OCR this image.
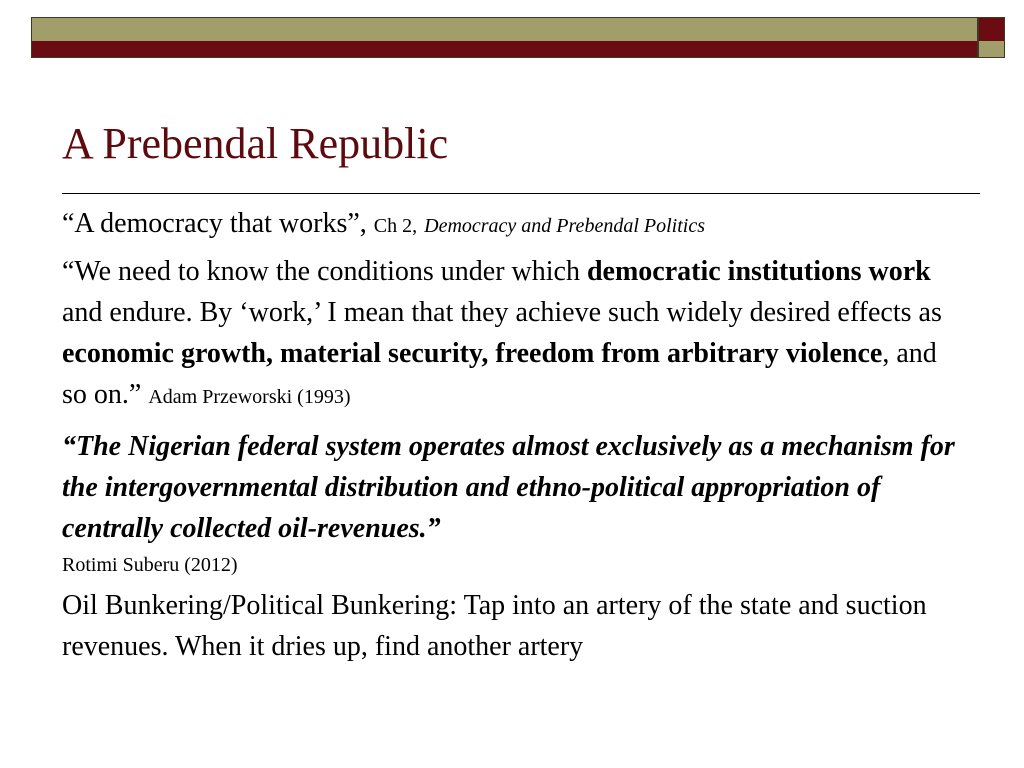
A Prebendal Republic

“A democracy that works”, Ch 2, Democracy and Prebendal Politics

“We need to know the conditions under which democratic institutions work and endure. By ‘work,’ I mean that they achieve such widely desired effects as economic growth, material security, freedom from arbitrary violence, and so on.” Adam Przeworski (1993)

“The Nigerian federal system operates almost exclusively as a mechanism for the intergovernmental distribution and ethno-political appropriation of centrally collected oil-revenues.”

Rotimi Suberu (2012)

Oil Bunkering/Political Bunkering: Tap into an artery of the state and suction revenues. When it dries up, find another artery
